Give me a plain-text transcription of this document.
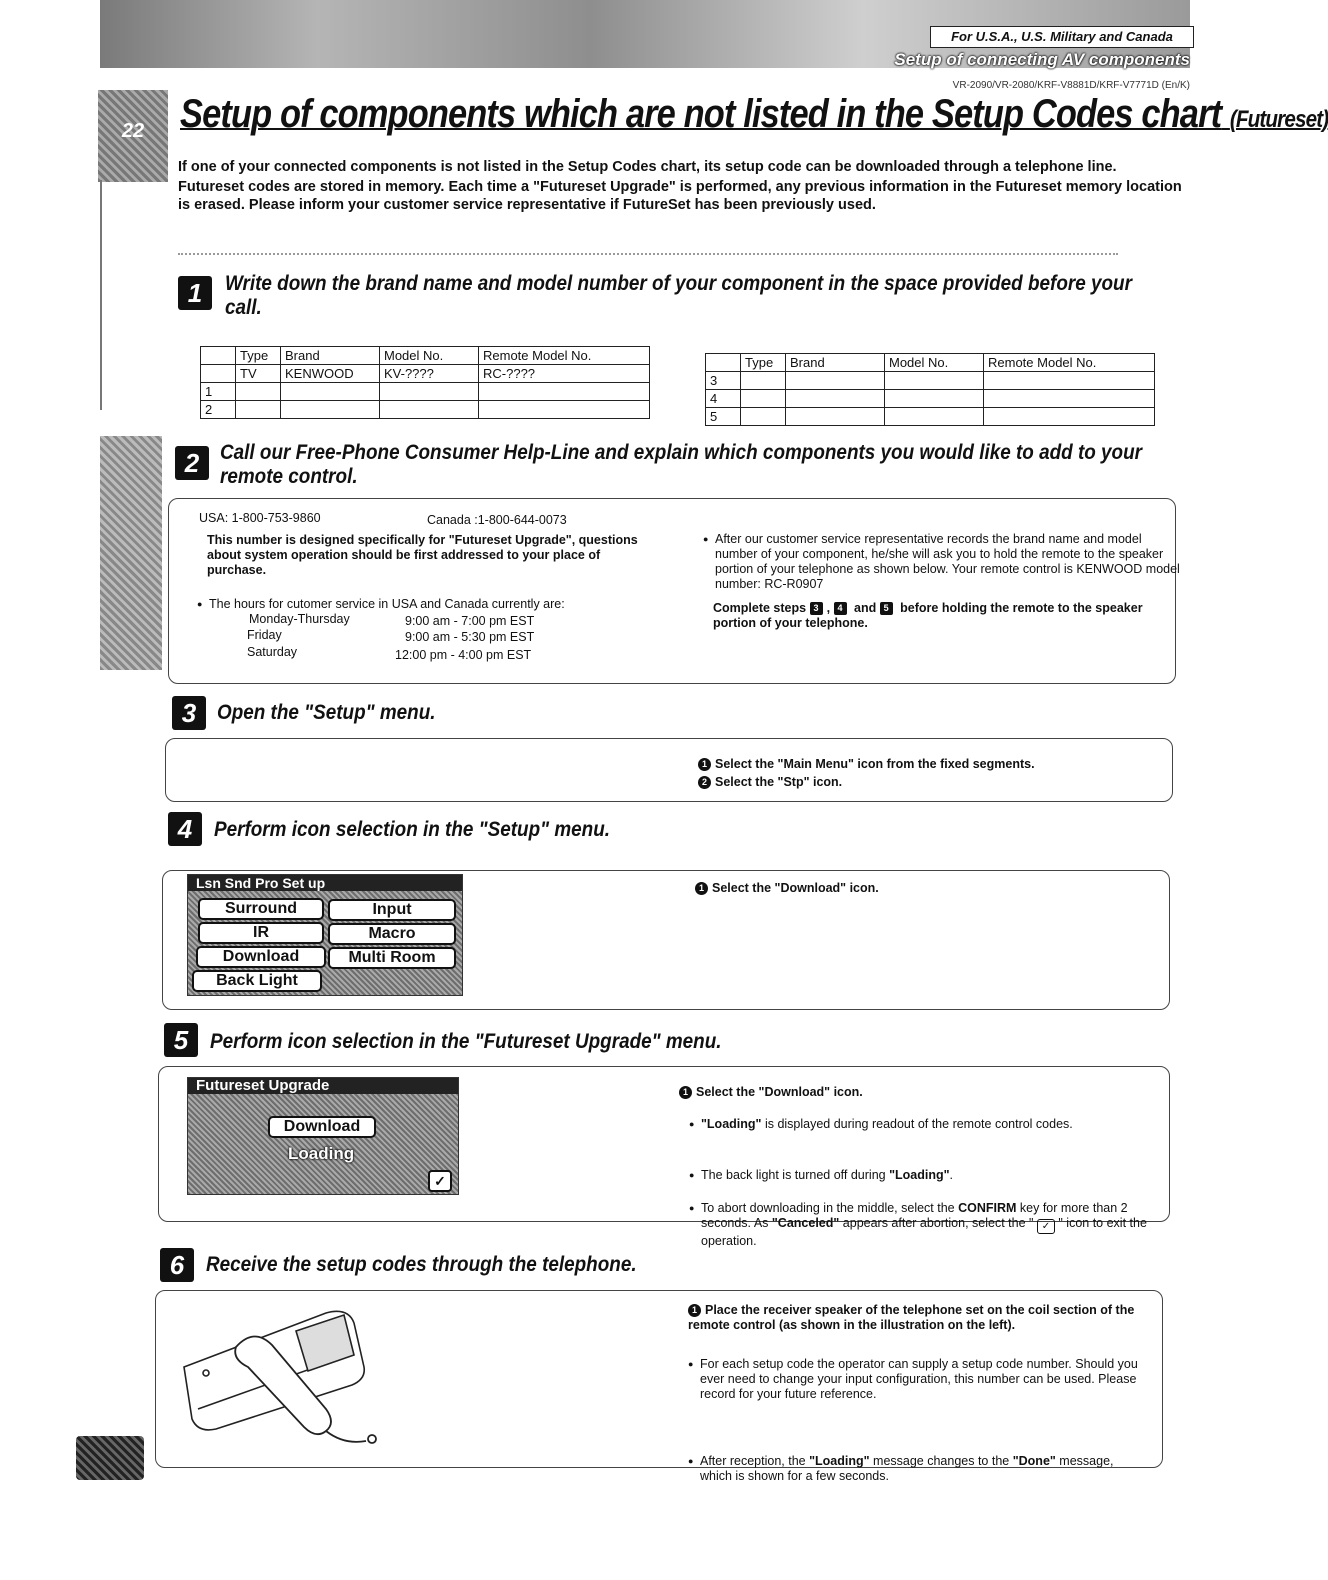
For U.S.A., U.S. Military and Canada
Setup of connecting AV components
VR-2090/VR-2080/KRF-V8881D/KRF-V7771D (En/K)
22 Setup of components which are not listed in the Setup Codes chart (Futureset)

If one of your connected components is not listed in the Setup Codes chart, its setup code can be downloaded through a telephone line.

Futureset codes are stored in memory. Each time a "Futureset Upgrade" is performed, any previous information in the Futureset memory location is erased. Please inform your customer service representative if FutureSet has been previously used.

1	Write down the brand name and model number of your component in the space provided before your call.
	Type	Brand	Model No.	Remote Model No.
	TV	KENWOOD	KV-????	RC-????
1				
2				
	Type	Brand	Model No.	Remote Model No.
3				
4				
5				
2 Call our Free-Phone Consumer Help-Line and explain which components you would like to add to your remote control.
USA: 1-800-753-9860	Canada :1-800-644-0073
This number is designed specifically for "Futureset Upgrade", questions about system operation should be first addressed to your place of purchase.
● The hours for cutomer service in USA and Canada currently are:
Monday-Thursday	9:00 am - 7:00 pm EST
Friday	9:00 am - 5:30 pm EST
Saturday	12:00 pm - 4:00 pm EST
● After our customer service representative records the brand name and model number of your component, he/she will ask you to hold the remote to the speaker portion of your telephone as shown below. Your remote control is KENWOOD model number: RC-R0907
Complete steps 3 , 4 and 5 before holding the remote to the speaker portion of your telephone.
3 Open the "Setup" menu.
1 Select the "Main Menu" icon from the fixed segments.
2 Select the "Stp" icon.
4	Perform icon selection in the "Setup" menu.
Lsn Snd Pro Set up
Surround	Input
IR	Macro
Download	Multi Room
Back Light
1 Select the "Download" icon.
5	Perform icon selection in the "Futureset Upgrade" menu.
Futureset Upgrade
Download
Loading
✓
1 Select the "Download" icon.
● "Loading" is displayed during readout of the remote control codes.
● The back light is turned off during "Loading".
● To abort downloading in the middle, select the CONFIRM key for more than 2 seconds. As "Canceled" appears after abortion, select the " ✓ " icon to exit the operation.
6	Receive the setup codes through the telephone.
1 Place the receiver speaker of the telephone set on the coil section of the remote control (as shown in the illustration on the left).
● For each setup code the operator can supply a setup code number. Should you ever need to change your input configuration, this number can be used. Please record for your future reference.
● After reception, the "Loading" message changes to the "Done" message, which is shown for a few seconds.
